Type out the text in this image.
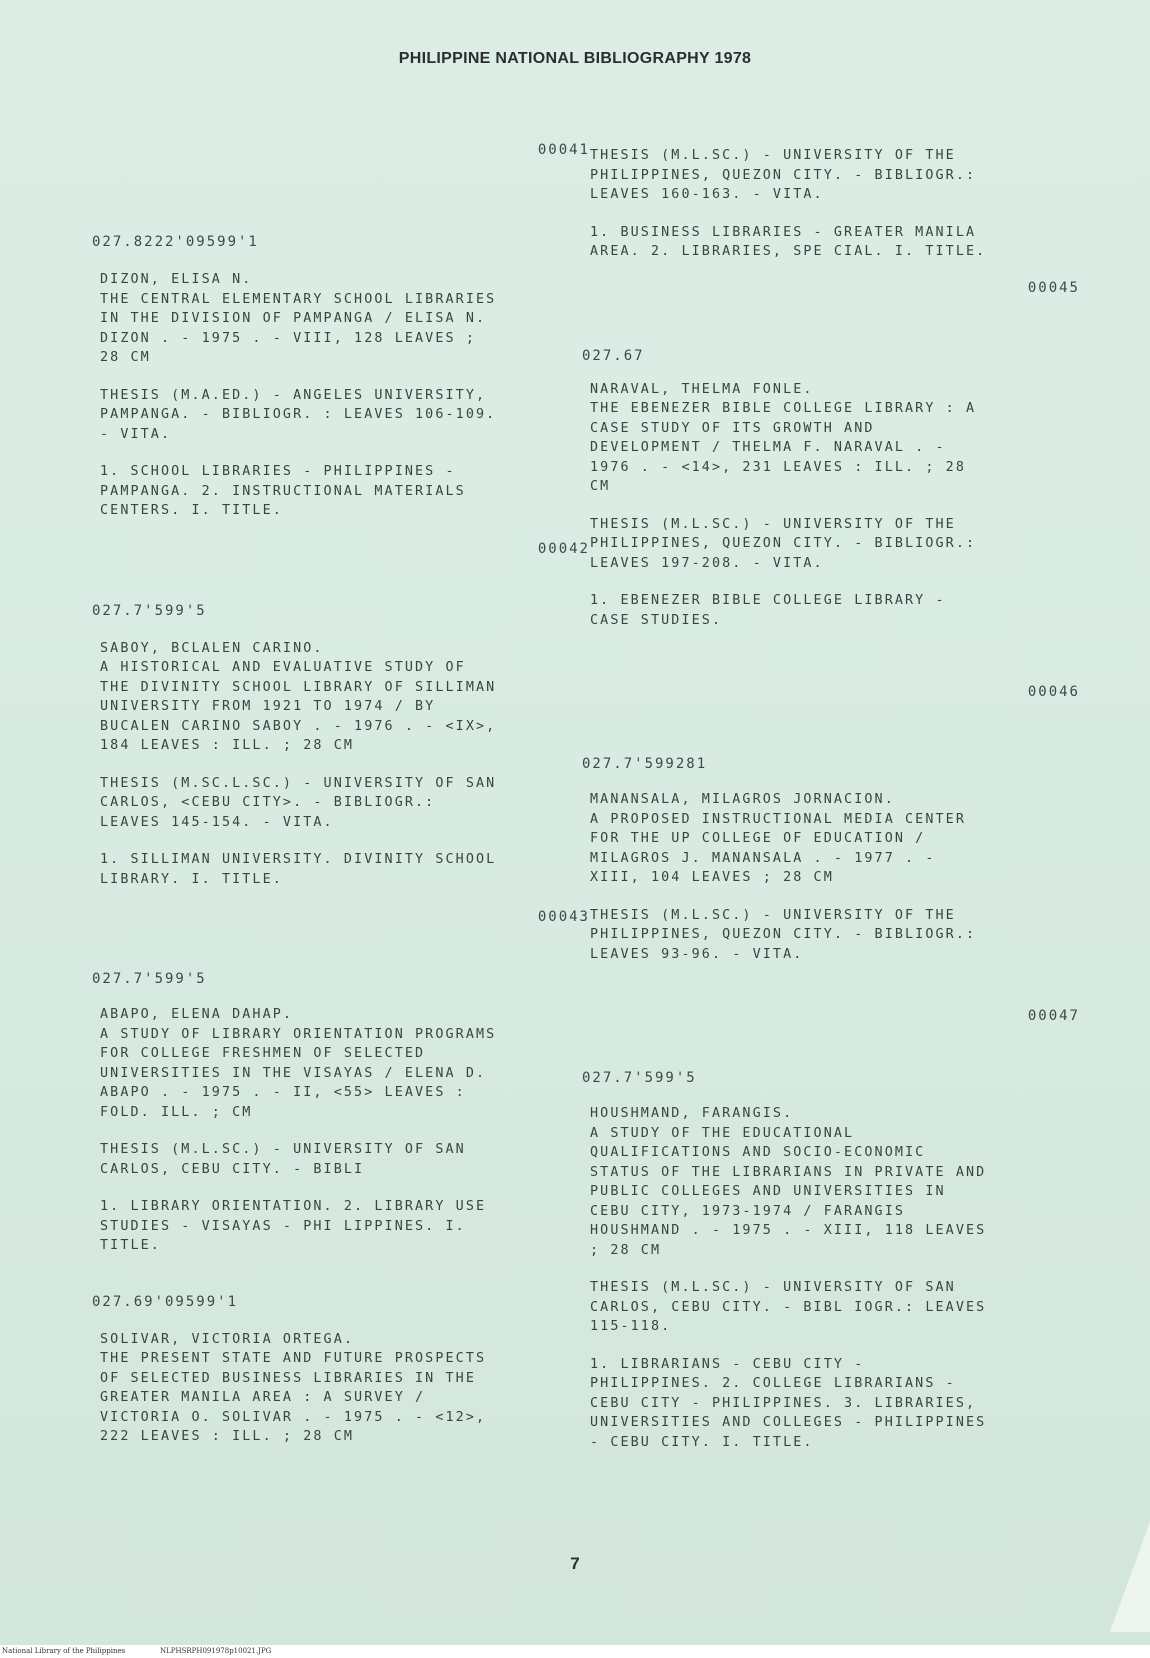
PHILIPPINE NATIONAL BIBLIOGRAPHY 1978

00041

027.8222'09599'1

DIZON, ELISA N.
THE CENTRAL ELEMENTARY SCHOOL LIBRARIES
IN THE DIVISION OF PAMPANGA / ELISA N.
DIZON . - 1975 . - VIII, 128 LEAVES ;
28 CM

THESIS (M.A.ED.) - ANGELES UNIVERSITY,
PAMPANGA. - BIBLIOGR. : LEAVES 106-109.
- VITA.

1. SCHOOL LIBRARIES - PHILIPPINES -
PAMPANGA. 2. INSTRUCTIONAL MATERIALS
CENTERS. I. TITLE.

00042

027.7'599'5

SABOY, BCLALEN CARINO.
A HISTORICAL AND EVALUATIVE STUDY OF
THE DIVINITY SCHOOL LIBRARY OF SILLIMAN
UNIVERSITY FROM 1921 TO 1974 / BY
BUCALEN CARINO SABOY . - 1976 . - <IX>,
184 LEAVES : ILL. ; 28 CM

THESIS (M.SC.L.SC.) - UNIVERSITY OF SAN
CARLOS, <CEBU CITY>. - BIBLIOGR.:
LEAVES 145-154. - VITA.

1. SILLIMAN UNIVERSITY. DIVINITY SCHOOL
LIBRARY. I. TITLE.

00043

027.7'599'5

ABAPO, ELENA DAHAP.
A STUDY OF LIBRARY ORIENTATION PROGRAMS
FOR COLLEGE FRESHMEN OF SELECTED
UNIVERSITIES IN THE VISAYAS / ELENA D.
ABAPO . - 1975 . - II, <55> LEAVES :
FOLD. ILL. ; CM

THESIS (M.L.SC.) - UNIVERSITY OF SAN
CARLOS, CEBU CITY. - BIBLI

1. LIBRARY ORIENTATION. 2. LIBRARY USE
STUDIES - VISAYAS - PHI LIPPINES. I.
TITLE.

027.69'09599'1

SOLIVAR, VICTORIA ORTEGA.
THE PRESENT STATE AND FUTURE PROSPECTS
OF SELECTED BUSINESS LIBRARIES IN THE
GREATER MANILA AREA : A SURVEY /
VICTORIA O. SOLIVAR . - 1975 . - <12>,
222 LEAVES : ILL. ; 28 CM

THESIS (M.L.SC.) - UNIVERSITY OF THE
PHILIPPINES, QUEZON CITY. - BIBLIOGR.:
LEAVES 160-163. - VITA.

1. BUSINESS LIBRARIES - GREATER MANILA
AREA. 2. LIBRARIES, SPE CIAL. I. TITLE.

00045

027.67

NARAVAL, THELMA FONLE.
THE EBENEZER BIBLE COLLEGE LIBRARY : A
CASE STUDY OF ITS GROWTH AND
DEVELOPMENT / THELMA F. NARAVAL . -
1976 . - <14>, 231 LEAVES : ILL. ; 28
CM

THESIS (M.L.SC.) - UNIVERSITY OF THE
PHILIPPINES, QUEZON CITY. - BIBLIOGR.:
LEAVES 197-208. - VITA.

1. EBENEZER BIBLE COLLEGE LIBRARY -
CASE STUDIES.

00046

027.7'599281

MANANSALA, MILAGROS JORNACION.
A PROPOSED INSTRUCTIONAL MEDIA CENTER
FOR THE UP COLLEGE OF EDUCATION /
MILAGROS J. MANANSALA . - 1977 . -
XIII, 104 LEAVES ; 28 CM

THESIS (M.L.SC.) - UNIVERSITY OF THE
PHILIPPINES, QUEZON CITY. - BIBLIOGR.:
LEAVES 93-96. - VITA.

00047

027.7'599'5

HOUSHMAND, FARANGIS.
A STUDY OF THE EDUCATIONAL
QUALIFICATIONS AND SOCIO-ECONOMIC
STATUS OF THE LIBRARIANS IN PRIVATE AND
PUBLIC COLLEGES AND UNIVERSITIES IN
CEBU CITY, 1973-1974 / FARANGIS
HOUSHMAND . - 1975 . - XIII, 118 LEAVES
; 28 CM

THESIS (M.L.SC.) - UNIVERSITY OF SAN
CARLOS, CEBU CITY. - BIBL IOGR.: LEAVES
115-118.

1. LIBRARIANS - CEBU CITY -
PHILIPPINES. 2. COLLEGE LIBRARIANS -
CEBU CITY - PHILIPPINES. 3. LIBRARIES,
UNIVERSITIES AND COLLEGES - PHILIPPINES
- CEBU CITY. I. TITLE.

7
National Library of the Philippines	NLPHSRPH091978p10021.JPG
